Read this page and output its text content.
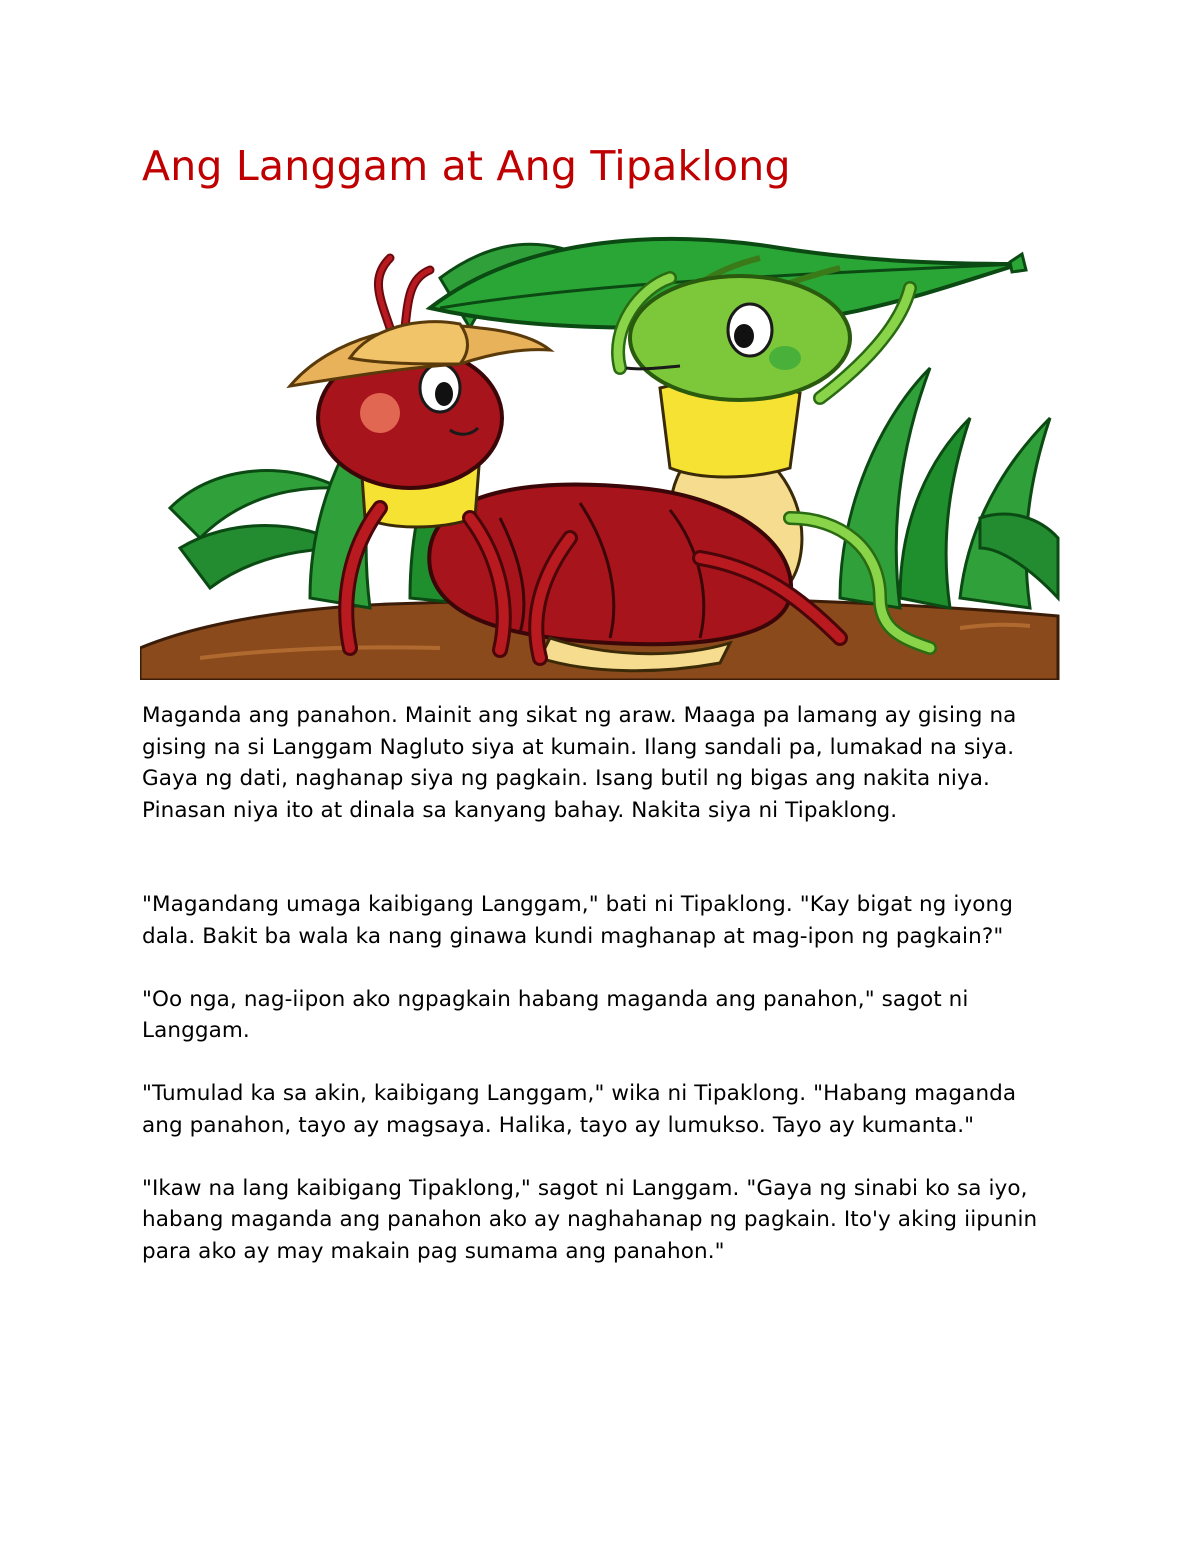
Ang Langgam at Ang Tipaklong

Maganda ang panahon. Mainit ang sikat ng araw. Maaga pa lamang ay gising na gising na si Langgam Nagluto siya at kumain. Ilang sandali pa, lumakad na siya. Gaya ng dati, naghanap siya ng pagkain. Isang butil ng bigas ang nakita niya. Pinasan niya ito at dinala sa kanyang bahay. Nakita siya ni Tipaklong.

"Magandang umaga kaibigang Langgam," bati ni Tipaklong. "Kay bigat ng iyong dala. Bakit ba wala ka nang ginawa kundi maghanap at mag-ipon ng pagkain?"

"Oo nga, nag-iipon ako ngpagkain habang maganda ang panahon," sagot ni Langgam.

"Tumulad ka sa akin, kaibigang Langgam," wika ni Tipaklong. "Habang maganda ang panahon, tayo ay magsaya. Halika, tayo ay lumukso. Tayo ay kumanta."

"Ikaw na lang kaibigang Tipaklong," sagot ni Langgam. "Gaya ng sinabi ko sa iyo, habang maganda ang panahon ako ay naghahanap ng pagkain. Ito'y aking iipunin para ako ay may makain pag sumama ang panahon."
